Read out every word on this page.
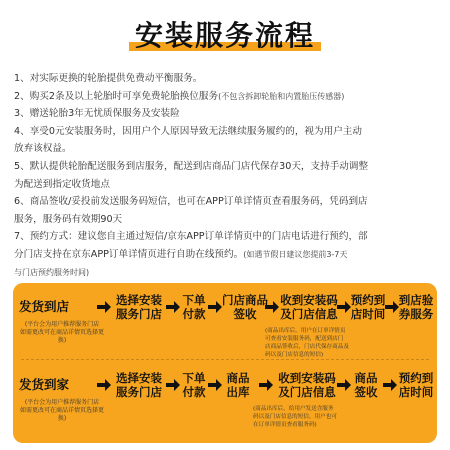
安装服务流程

1、对实际更换的轮胎提供免费动平衡服务。

2、购买2条及以上轮胎时可享免费轮胎换位服务(不包含拆卸轮胎和内置胎压传感器)

3、赠送轮胎3年无忧质保服务及安装险

4、享受0元安装服务时，因用户个人原因导致无法继续服务履约的，视为用户主动

放弃该权益。

5、默认提供轮胎配送服务到店服务，配送到店商品门店代保存30天，支持手动调整

为配送到指定收货地点

6、商品签收/妥投前发送服务码短信，也可在APP订单详情页查看服务码，凭码到店

服务，服务码有效期90天

7、预约方式：建议您自主通过短信/京东APP订单详情页中的门店电话进行预约，部

分门店支持在京东APP订单详情页进行自助在线预约。(如遇节假日建议您提前3-7天

与门店预约服务时间)

发货到店
(平台会为用户推荐服务门店
如需更改可在商品详情页选择更换)
选择安装
服务门店
下单
付款
门店商品
签收
收到安装码
及门店信息
预约到
店时间
到店验
券服务
(商品出库后，用户在订单详情页
可查看安装服务码，配送到店门
店商品签收后，门店代保存商品及
码以及门店信息的短信)
发货到家
(平台会为用户推荐服务门店
如需更改可在商品详情页选择更换)
选择安装
服务门店
下单
付款
商品
出库
收到安装码
及门店信息
商品
签收
预约到
店时间
(商品出库后，给用户发送含服务
码以及门店信息的短信，用户也可
在订单详情页查看服务码)
